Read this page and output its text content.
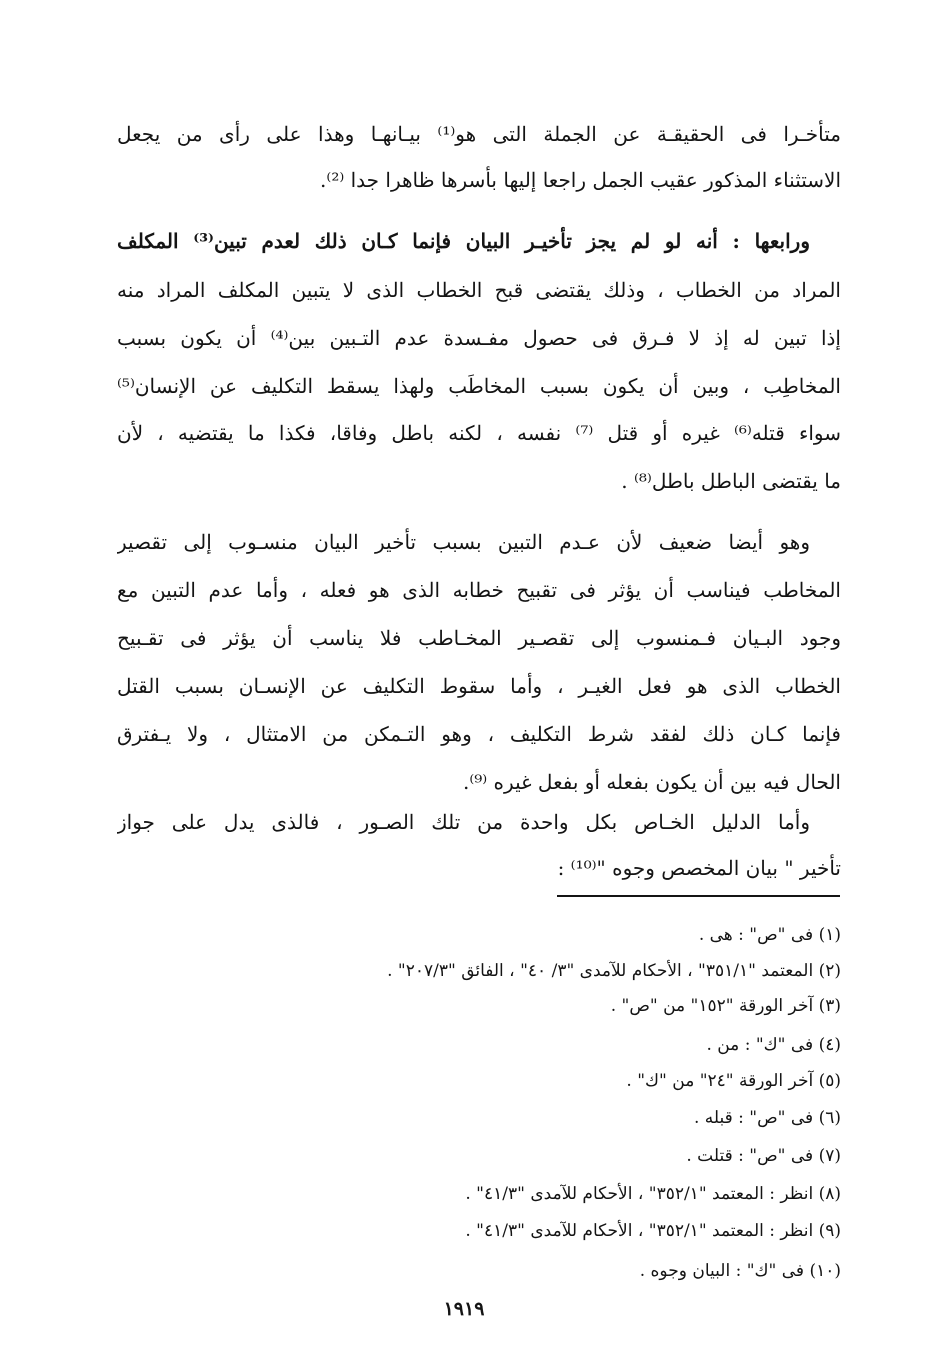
متأخـرا فى الحقيقـة عن الجملة التى هو⁽¹⁾ بيـانهـا وهذا على رأى من يجعل
الاستثناء المذكور عقيب الجمل راجعا إليها بأسرها ظاهرا جدا ⁽²⁾.
ورابعها : أنه لو لم يجز تأخيـر البيان فإنما كـان ذلك لعدم تبين⁽³⁾ المكلف
المراد من الخطاب ، وذلك يقتضى قبح الخطاب الذى لا يتبين المكلف المراد منه
إذا تبين له إذ لا فـرق فى حصول مفـسدة عدم التـبين بين⁽⁴⁾ أن يكون بسبب
المخاطِب ، وبين أن يكون بسبب المخاطَب ولهذا يسقط التكليف عن الإنسان⁽⁵⁾
سواء قتله⁽⁶⁾ غيره أو قتل ⁽⁷⁾ نفسه ، لكنه باطل وفاقا، فكذا ما يقتضيه ، لأن
ما يقتضى الباطل باطل⁽⁸⁾ .
وهو أيضا ضعيف لأن عـدم التبين بسبب تأخير البيان منسـوب إلى تقصير
المخاطب فيناسب أن يؤثر فى تقبيح خطابه الذى هو فعله ، وأما عدم التبين مع
وجود البـيان فـمنسوب إلى تقصـير المخـاطب فلا يناسب أن يؤثر فى تقـبيح
الخطاب الذى هو فعل الغيـر ، وأما سقوط التكليف عن الإنسـان بسبب القتل
فإنما كـان ذلك لفقد شرط التكليف ، وهو التـمكن من الامتثال ، ولا يـفترق
الحال فيه بين أن يكون بفعله أو بفعل غيره ⁽⁹⁾.
وأما الدليل الخـاص بكل واحدة من تلك الصـور ، فالذى يدل على جواز
تأخير " بيان المخصص وجوه "⁽¹⁰⁾ :
(١) فى "ص" : هى .
(٢) المعتمد "٣٥١/١" ، الأحكام للآمدى "٣/ ٤٠" ، الفائق "٢٠٧/٣" .
(٣) آخر الورقة "١٥٢" من "ص" .
(٤) فى "ك" : من .
(٥) آخر الورقة "٢٤" من "ك" .
(٦) فى "ص" : قبله .
(٧) فى "ص" : قتلت .
(٨) انظر : المعتمد "٣٥٢/١" ، الأحكام للآمدى "٤١/٣" .
(٩) انظر : المعتمد "٣٥٢/١" ، الأحكام للآمدى "٤١/٣" .
(١٠) فى "ك" : البيان وجوه .
١٩١٩
